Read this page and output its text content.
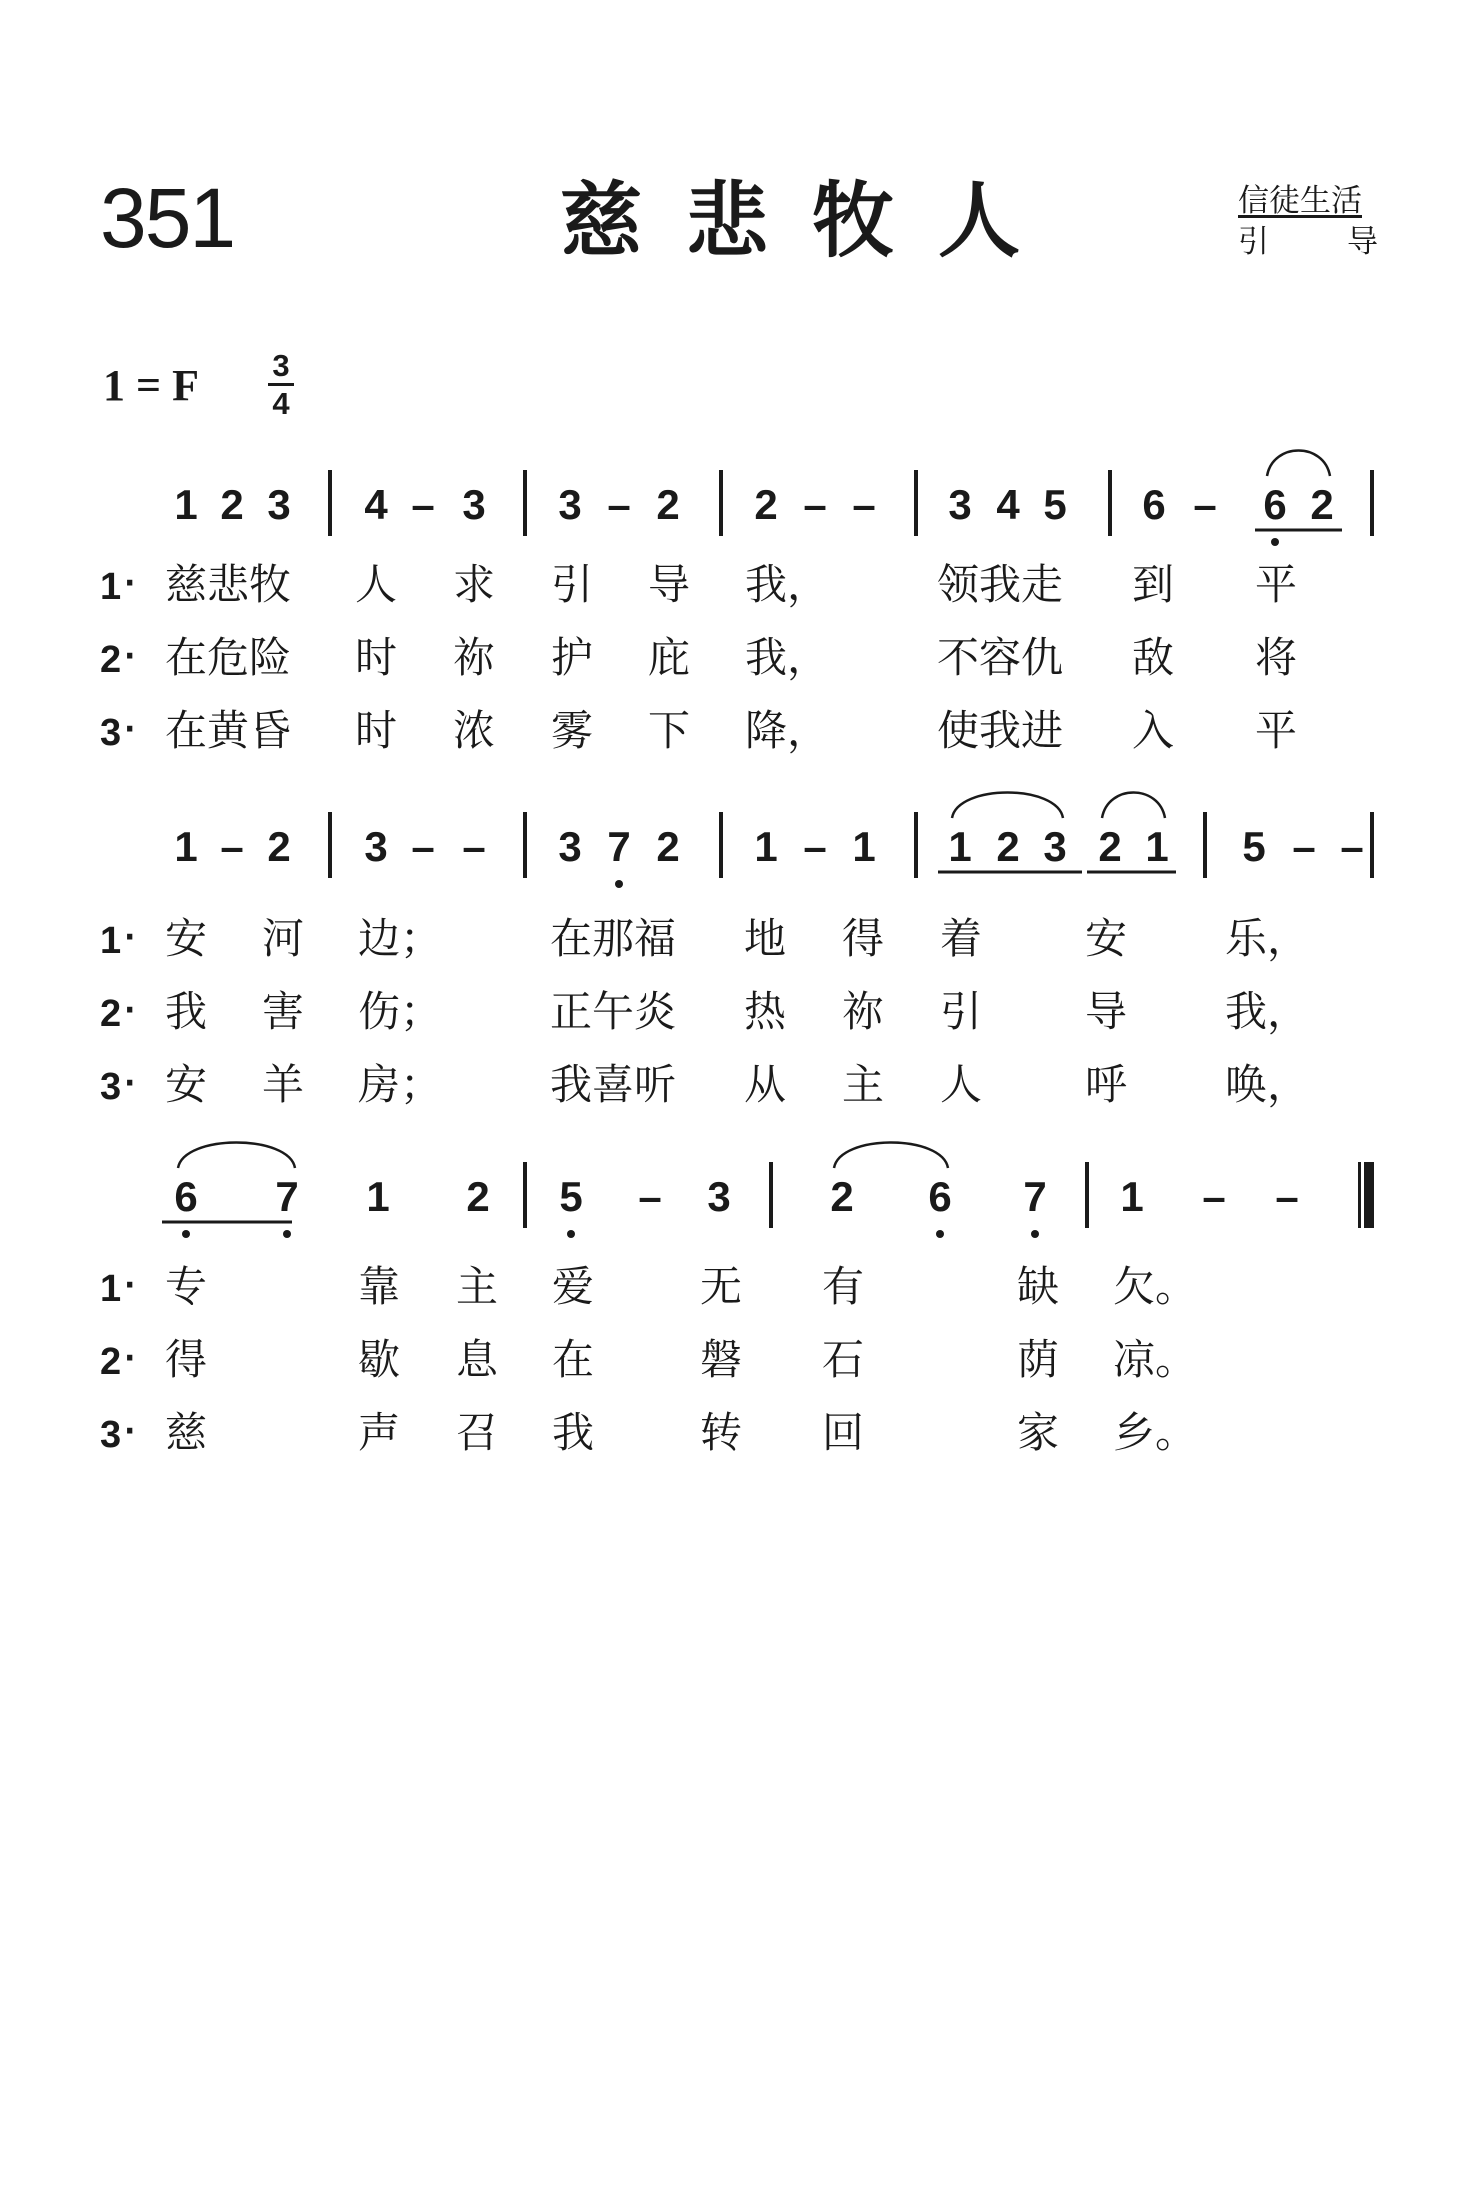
351	慈悲牧人	信徒生活
引	导
1 = F 3
4
1 2 3 4 – 3 3 – 2 2 – – 3 4 5 6 – 6 2
1 · 慈悲牧 人 求 引 导 我，	领我走 到 平
2 · 在危险 时 祢 护 庇 我，	不容仇 敌 将
3 · 在黄昏 时 浓 雾 下 降，	使我进 入 平
1 – 2 3 – – 3 7 2 1 – 1 1 2 3 2 1 5 – –
1 · 安 河 边；	在那福 地 得 着 安 乐，
2 · 我 害 伤；	正午炎 热 祢 引 导 我，
3 · 安 羊 房；	我喜听 从 主 人 呼 唤，
6 7 1 2 5 – 3 2 6 7 1 – –
1 · 专	靠 主 爱	无 有	缺 欠。
2 · 得	歇 息 在	磐 石	荫 凉。
3 · 慈	声 召 我	转 回	家 乡。
